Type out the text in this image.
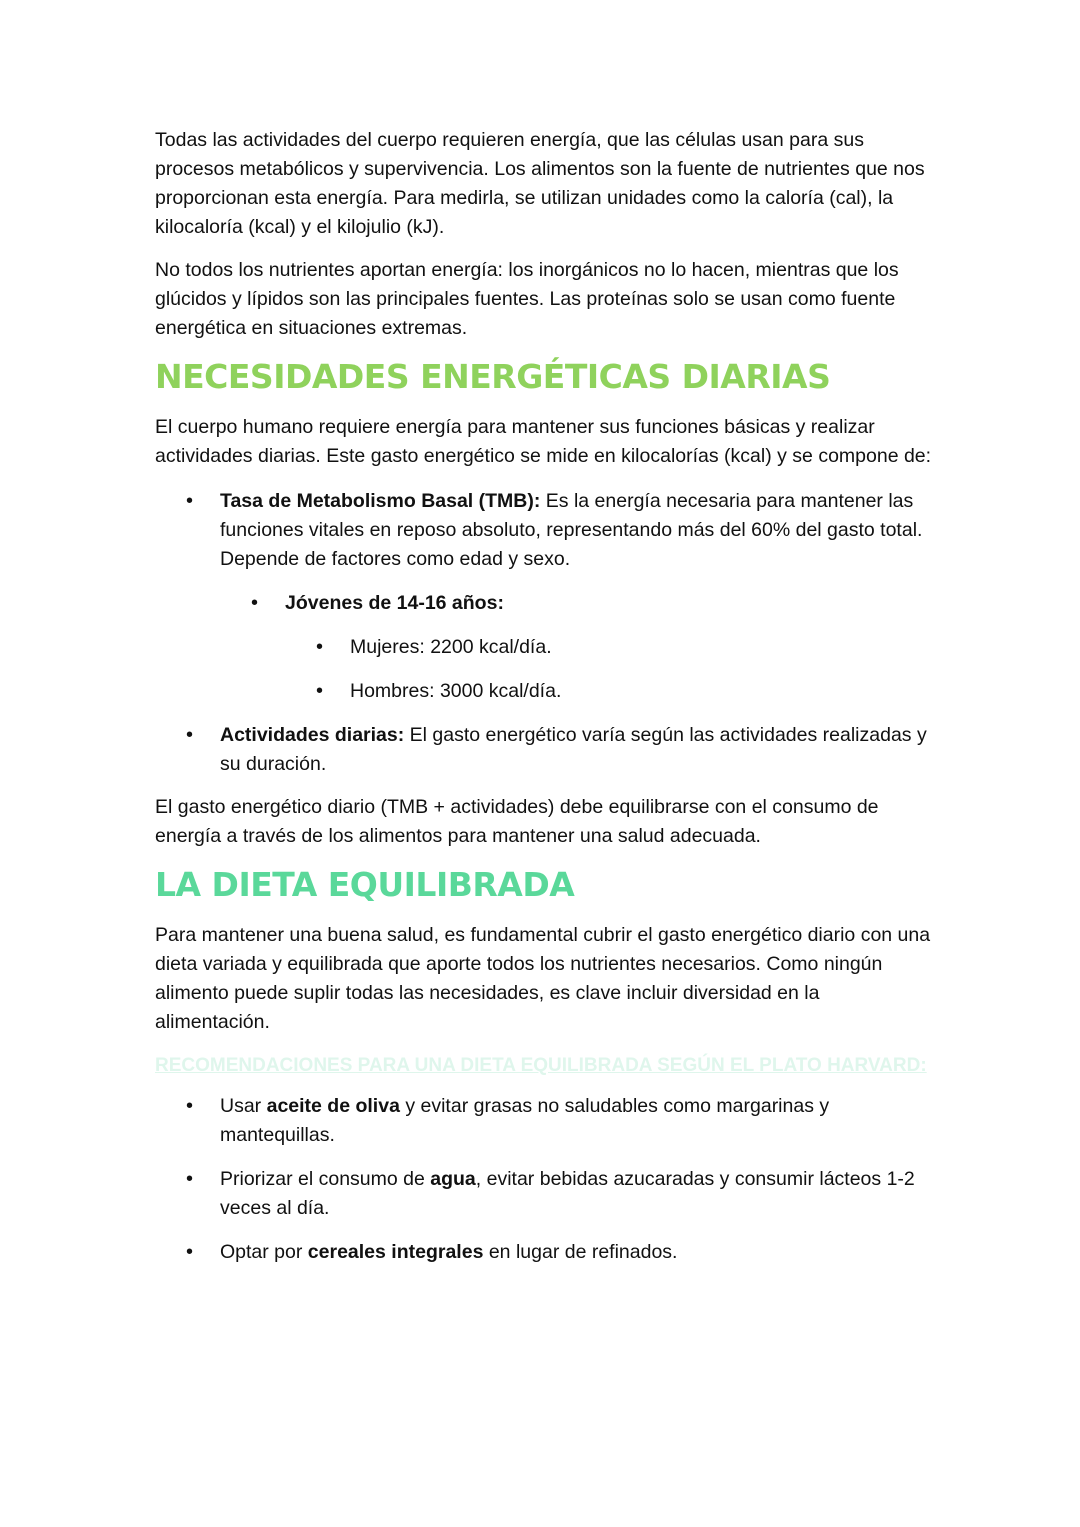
Todas las actividades del cuerpo requieren energía, que las células usan para sus procesos metabólicos y supervivencia. Los alimentos son la fuente de nutrientes que nos proporcionan esta energía. Para medirla, se utilizan unidades como la caloría (cal), la kilocaloría (kcal) y el kilojulio (kJ).

No todos los nutrientes aportan energía: los inorgánicos no lo hacen, mientras que los glúcidos y lípidos son las principales fuentes. Las proteínas solo se usan como fuente energética en situaciones extremas.

NECESIDADES ENERGÉTICAS DIARIAS

El cuerpo humano requiere energía para mantener sus funciones básicas y realizar actividades diarias. Este gasto energético se mide en kilocalorías (kcal) y se compone de:

• Tasa de Metabolismo Basal (TMB): Es la energía necesaria para mantener las funciones vitales en reposo absoluto, representando más del 60% del gasto total. Depende de factores como edad y sexo.
• Jóvenes de 14-16 años:
• Mujeres: 2200 kcal/día.
• Hombres: 3000 kcal/día.
• Actividades diarias: El gasto energético varía según las actividades realizadas y su duración.

El gasto energético diario (TMB + actividades) debe equilibrarse con el consumo de energía a través de los alimentos para mantener una salud adecuada.

LA DIETA EQUILIBRADA

Para mantener una buena salud, es fundamental cubrir el gasto energético diario con una dieta variada y equilibrada que aporte todos los nutrientes necesarios. Como ningún alimento puede suplir todas las necesidades, es clave incluir diversidad en la alimentación.

RECOMENDACIONES PARA UNA DIETA EQUILIBRADA SEGÚN EL PLATO HARVARD:
• Usar aceite de oliva y evitar grasas no saludables como margarinas y mantequillas.
• Priorizar el consumo de agua, evitar bebidas azucaradas y consumir lácteos 1-2 veces al día.
• Optar por cereales integrales en lugar de refinados.
